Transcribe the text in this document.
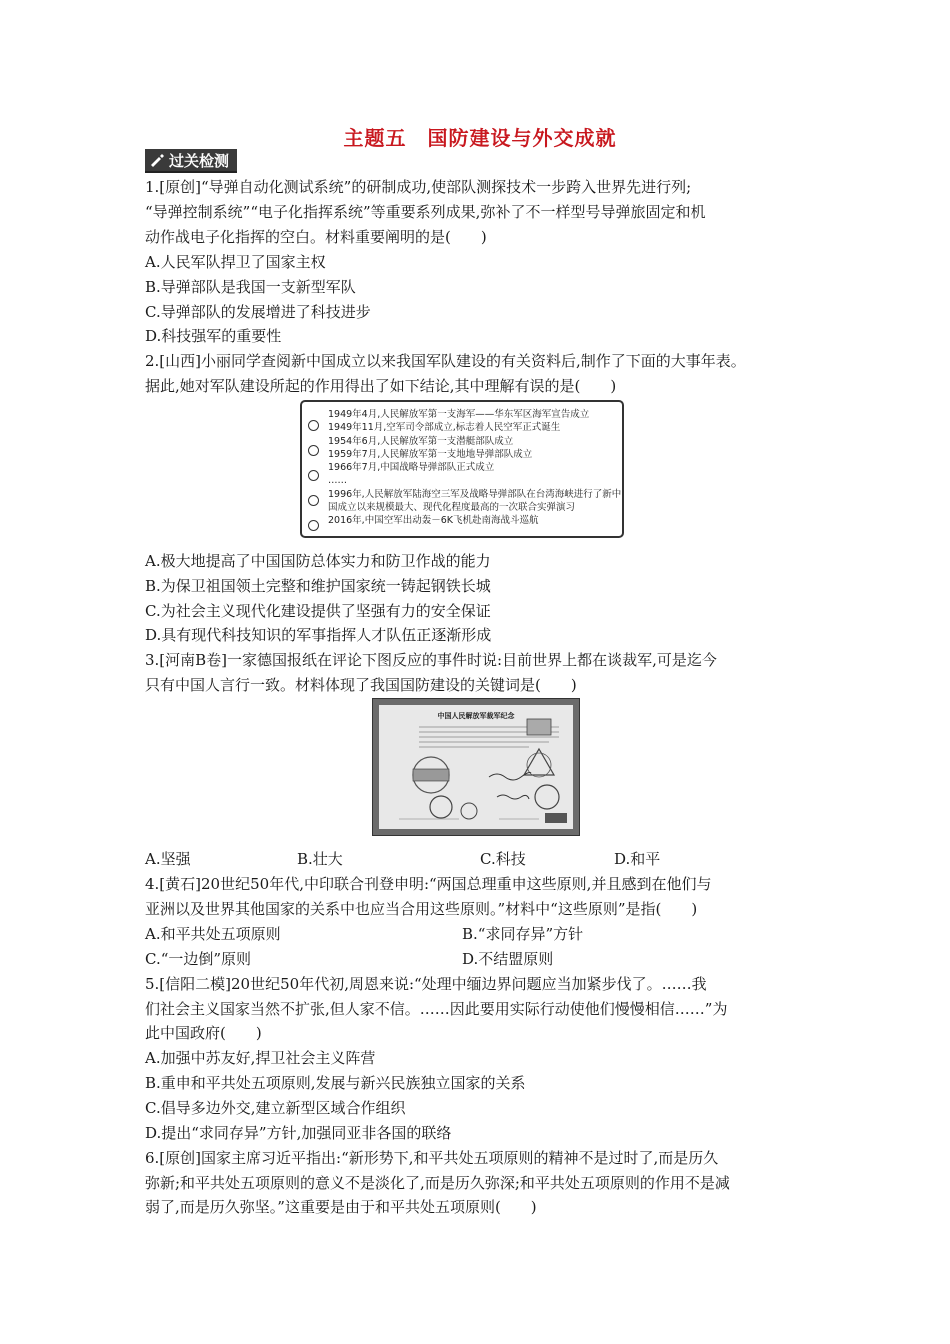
主题五　国防建设与外交成就
过关检测
1.[原创]“导弹自动化测试系统”的研制成功,使部队测探技术一步跨入世界先进行列;
“导弹控制系统”“电子化指挥系统”等重要系列成果,弥补了不一样型号导弹旅固定和机
动作战电子化指挥的空白。材料重要阐明的是(　　)
A.人民军队捍卫了国家主权
B.导弹部队是我国一支新型军队
C.导弹部队的发展增进了科技进步
D.科技强军的重要性
2.[山西]小丽同学查阅新中国成立以来我国军队建设的有关资料后,制作了下面的大事年表。
据此,她对军队建设所起的作用得出了如下结论,其中理解有误的是(　　)
1949年4月,人民解放军第一支海军——华东军区海军宣告成立
1949年11月,空军司令部成立,标志着人民空军正式诞生
1954年6月,人民解放军第一支潜艇部队成立
1959年7月,人民解放军第一支地地导弹部队成立
1966年7月,中国战略导弹部队正式成立
……
1996年,人民解放军陆海空三军及战略导弹部队在台湾海峡进行了新中
国成立以来规模最大、现代化程度最高的一次联合实弹演习
2016年,中国空军出动轰－6K飞机赴南海战斗巡航
A.极大地提高了中国国防总体实力和防卫作战的能力
B.为保卫祖国领土完整和维护国家统一铸起钢铁长城
C.为社会主义现代化建设提供了坚强有力的安全保证
D.具有现代科技知识的军事指挥人才队伍正逐渐形成
3.[河南B卷]一家德国报纸在评论下图反应的事件时说:目前世界上都在谈裁军,可是迄今
只有中国人言行一致。材料体现了我国国防建设的关键词是(　　)
中国人民解放军裁军纪念
A.坚强	B.壮大	C.科技	D.和平
4.[黄石]20世纪50年代,中印联合刊登申明:“两国总理重申这些原则,并且感到在他们与
亚洲以及世界其他国家的关系中也应当合用这些原则。”材料中“这些原则”是指(　　)
A.和平共处五项原则	B.“求同存异”方针
C.“一边倒”原则	D.不结盟原则
5.[信阳二模]20世纪50年代初,周恩来说:“处理中缅边界问题应当加紧步伐了。……我
们社会主义国家当然不扩张,但人家不信。……因此要用实际行动使他们慢慢相信……”为
此中国政府(　　)
A.加强中苏友好,捍卫社会主义阵营
B.重申和平共处五项原则,发展与新兴民族独立国家的关系
C.倡导多边外交,建立新型区域合作组织
D.提出“求同存异”方针,加强同亚非各国的联络
6.[原创]国家主席习近平指出:“新形势下,和平共处五项原则的精神不是过时了,而是历久
弥新;和平共处五项原则的意义不是淡化了,而是历久弥深;和平共处五项原则的作用不是减
弱了,而是历久弥坚。”这重要是由于和平共处五项原则(　　)
